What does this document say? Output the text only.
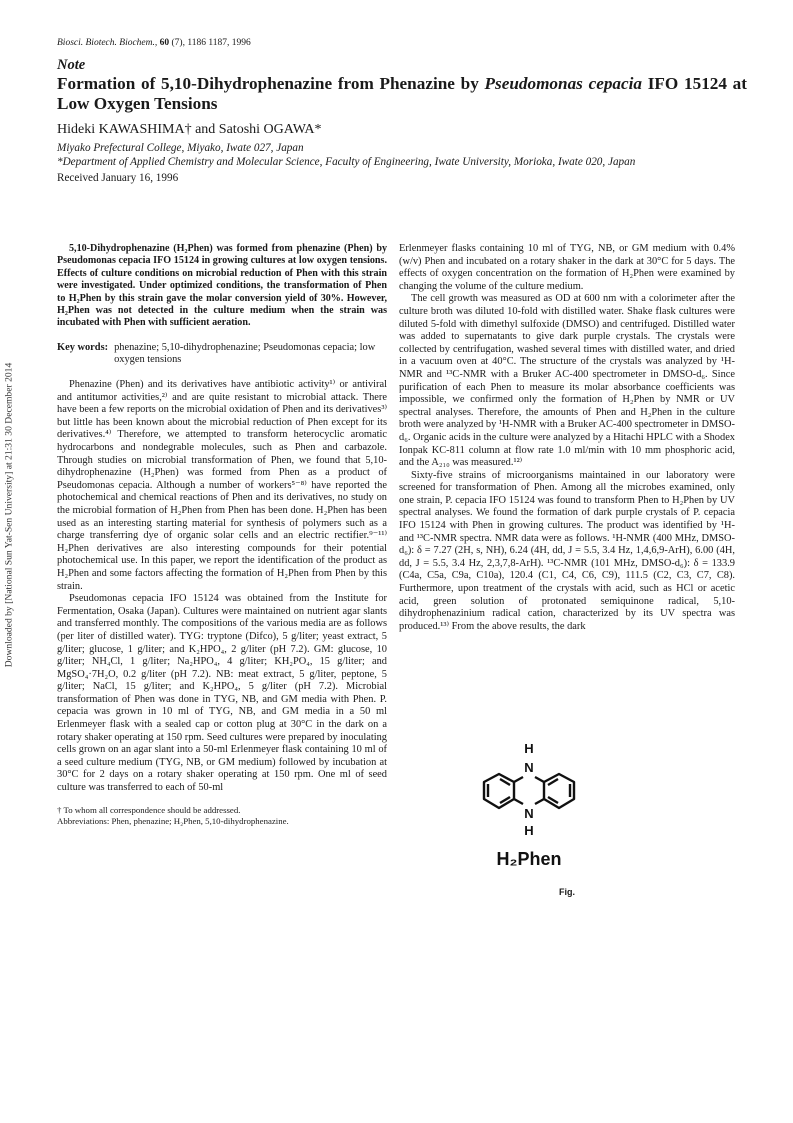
Downloaded by [National Sun Yat-Sen University] at 21:31 30 December 2014

Biosci. Biotech. Biochem., 60 (7), 1186 1187, 1996

Note

Formation of 5,10-Dihydrophenazine from Phenazine by Pseudomonas cepacia IFO 15124 at Low Oxygen Tensions

Hideki KAWASHIMA† and Satoshi OGAWA*

Miyako Prefectural College, Miyako, Iwate 027, Japan

*Department of Applied Chemistry and Molecular Science, Faculty of Engineering, Iwate University, Morioka, Iwate 020, Japan

Received January 16, 1996

5,10-Dihydrophenazine (H₂Phen) was formed from phenazine (Phen) by Pseudomonas cepacia IFO 15124 in growing cultures at low oxygen tensions. Effects of culture conditions on microbial reduction of Phen with this strain were investigated. Under optimized conditions, the transformation of Phen to H₂Phen by this strain gave the molar conversion yield of 30%. However, H₂Phen was not detected in the culture medium when the strain was incubated with Phen with sufficient aeration.

Key words: phenazine; 5,10-dihydrophenazine; Pseudomonas cepacia; low oxygen tensions

Phenazine (Phen) and its derivatives have antibiotic activity¹⁾ or antiviral and antitumor activities,²⁾ and are quite resistant to microbial attack. There have been a few reports on the microbial oxidation of Phen and its derivatives³⁾ but little has been known about the microbial reduction of Phen except for its derivatives.⁴⁾ Therefore, we attempted to transform heterocyclic aromatic hydrocarbons and nondegrable molecules, such as Phen and carbazole. Through studies on microbial transformation of Phen, we found that 5,10-dihydrophenazine (H₂Phen) was formed from Phen as a product of Pseudomonas cepacia. Although a number of workers⁵⁻⁸⁾ have reported the photochemical and chemical reactions of Phen and its derivatives, no study on the microbial formation of H₂Phen from Phen has been done. H₂Phen has been used as an interesting starting material for synthesis of polymers such as a charge transferring dye of organic solar cells and an electric rectifier.⁹⁻¹¹⁾ H₂Phen derivatives are also interesting compounds for their potential photochemical use. In this paper, we report the identification of the product as H₂Phen and some factors affecting the formation of H₂Phen from Phen by this strain.

Pseudomonas cepacia IFO 15124 was obtained from the Institute for Fermentation, Osaka (Japan). Cultures were maintained on nutrient agar slants and transferred monthly. The compositions of the various media are as follows (per liter of distilled water). TYG: tryptone (Difco), 5 g/liter; yeast extract, 5 g/liter; glucose, 1 g/liter; and K₂HPO₄, 2 g/liter (pH 7.2). GM: glucose, 10 g/liter; NH₄Cl, 1 g/liter; Na₂HPO₄, 4 g/liter; KH₂PO₄, 15 g/liter; and MgSO₄·7H₂O, 0.2 g/liter (pH 7.2). NB: meat extract, 5 g/liter, peptone, 5 g/liter; NaCl, 15 g/liter; and K₂HPO₄, 5 g/liter (pH 7.2). Microbial transformation of Phen was done in TYG, NB, and GM media with Phen. P. cepacia was grown in 10 ml of TYG, NB, and GM media in a 50 ml Erlenmeyer flask with a sealed cap or cotton plug at 30°C in the dark on a rotary shaker operating at 150 rpm. Seed cultures were prepared by inoculating cells grown on an agar slant into a 50-ml Erlenmeyer flask containing 10 ml of a seed culture medium (TYG, NB, or GM medium) followed by incubation at 30°C for 2 days on a rotary shaker operating at 150 rpm. One ml of seed culture was transferred to each of 50-ml

† To whom all correspondence should be addressed.

Abbreviations: Phen, phenazine; H₂Phen, 5,10-dihydrophenazine.

Erlenmeyer flasks containing 10 ml of TYG, NB, or GM medium with 0.4% (w/v) Phen and incubated on a rotary shaker in the dark at 30°C for 5 days. The effects of oxygen concentration on the formation of H₂Phen were examined by changing the volume of the culture medium.

The cell growth was measured as OD at 600 nm with a colorimeter after the culture broth was diluted 10-fold with distilled water. Shake flask cultures were diluted 5-fold with dimethyl sulfoxide (DMSO) and centrifuged. Distilled water was added to supernatants to give dark purple crystals. The crystals were collected by centrifugation, washed several times with distilled water, and dried in a vacuum oven at 40°C. The structure of the crystals was analyzed by ¹H-NMR and ¹³C-NMR with a Bruker AC-400 spectrometer in DMSO-d₆. Since purification of each Phen to measure its molar absorbance coefficients was impossible, we confirmed only the formation of H₂Phen by NMR or UV spectral analyses. Therefore, the amounts of Phen and H₂Phen in the culture broth were analyzed by ¹H-NMR with a Bruker AC-400 spectrometer in DMSO-d₆. Organic acids in the culture were analyzed by a Hitachi HPLC with a Shodex Ionpak KC-811 column at flow rate 1.0 ml/min with 10 mm phosphoric acid, and the A₂₁₀ was measured.¹²⁾

Sixty-five strains of microorganisms maintained in our laboratory were screened for transformation of Phen. Among all the microbes examined, only one strain, P. cepacia IFO 15124 was found to transform Phen to H₂Phen by UV spectral analyses. We found the formation of dark purple crystals of P. cepacia IFO 15124 with Phen in growing cultures. The product was identified by ¹H- and ¹³C-NMR spectra. NMR data were as follows. ¹H-NMR (400 MHz, DMSO-d₆): δ = 7.27 (2H, s, NH), 6.24 (4H, dd, J = 5.5, 3.4 Hz, 1,4,6,9-ArH), 6.00 (4H, dd, J = 5.5, 3.4 Hz, 2,3,7,8-ArH). ¹³C-NMR (101 MHz, DMSO-d₆): δ = 133.9 (C4a, C5a, C9a, C10a), 120.4 (C1, C4, C6, C9), 111.5 (C2, C3, C7, C8). Furthermore, upon treatment of the crystals with acid, such as HCl or acetic acid, green solution of protonated semiquinone radical, 5,10-dihydrophenazinium radical cation, characterized by its UV spectra was produced.¹³⁾ From the above results, the dark

H
N
N
H
H₂Phen
Fig.
